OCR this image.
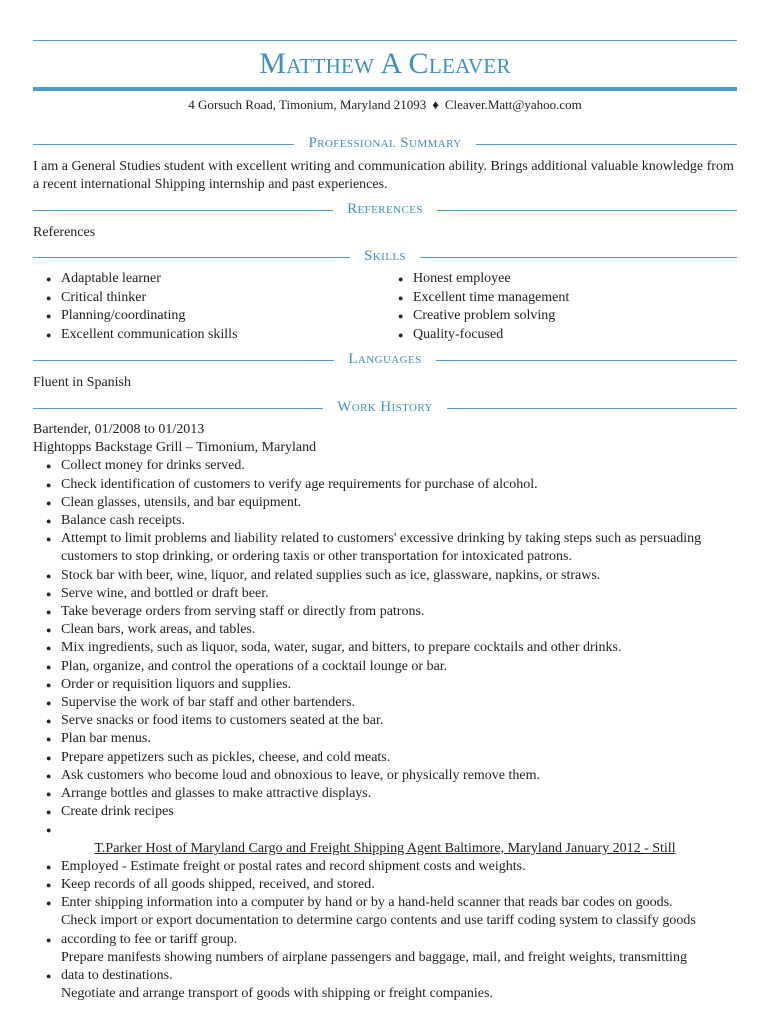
Matthew A Cleaver
4 Gorsuch Road, Timonium, Maryland 21093 ♦ Cleaver.Matt@yahoo.com
Professional Summary
I am a General Studies student with excellent writing and communication ability. Brings additional valuable knowledge from a recent international Shipping internship and past experiences.
References
References
Skills
● Adaptable learner
● Critical thinker
● Planning/coordinating
● Excellent communication skills
● Honest employee
● Excellent time management
● Creative problem solving
● Quality-focused
Languages
Fluent in Spanish
Work History
Bartender, 01/2008 to 01/2013
Hightopps Backstage Grill – Timonium, Maryland
● Collect money for drinks served.
● Check identification of customers to verify age requirements for purchase of alcohol.
● Clean glasses, utensils, and bar equipment.
● Balance cash receipts.
● Attempt to limit problems and liability related to customers' excessive drinking by taking steps such as persuading customers to stop drinking, or ordering taxis or other transportation for intoxicated patrons.
● Stock bar with beer, wine, liquor, and related supplies such as ice, glassware, napkins, or straws.
● Serve wine, and bottled or draft beer.
● Take beverage orders from serving staff or directly from patrons.
● Clean bars, work areas, and tables.
● Mix ingredients, such as liquor, soda, water, sugar, and bitters, to prepare cocktails and other drinks.
● Plan, organize, and control the operations of a cocktail lounge or bar.
● Order or requisition liquors and supplies.
● Supervise the work of bar staff and other bartenders.
● Serve snacks or food items to customers seated at the bar.
● Plan bar menus.
● Prepare appetizers such as pickles, cheese, and cold meats.
● Ask customers who become loud and obnoxious to leave, or physically remove them.
● Arrange bottles and glasses to make attractive displays.
● Create drink recipes
●
T.Parker Host of Maryland Cargo and Freight Shipping Agent Baltimore, Maryland January 2012 - Still
● Employed - Estimate freight or postal rates and record shipment costs and weights.
● Keep records of all goods shipped, received, and stored.
● Enter shipping information into a computer by hand or by a hand-held scanner that reads bar codes on goods.
Check import or export documentation to determine cargo contents and use tariff coding system to classify goods
● according to fee or tariff group.
Prepare manifests showing numbers of airplane passengers and baggage, mail, and freight weights, transmitting
● data to destinations.
Negotiate and arrange transport of goods with shipping or freight companies.
